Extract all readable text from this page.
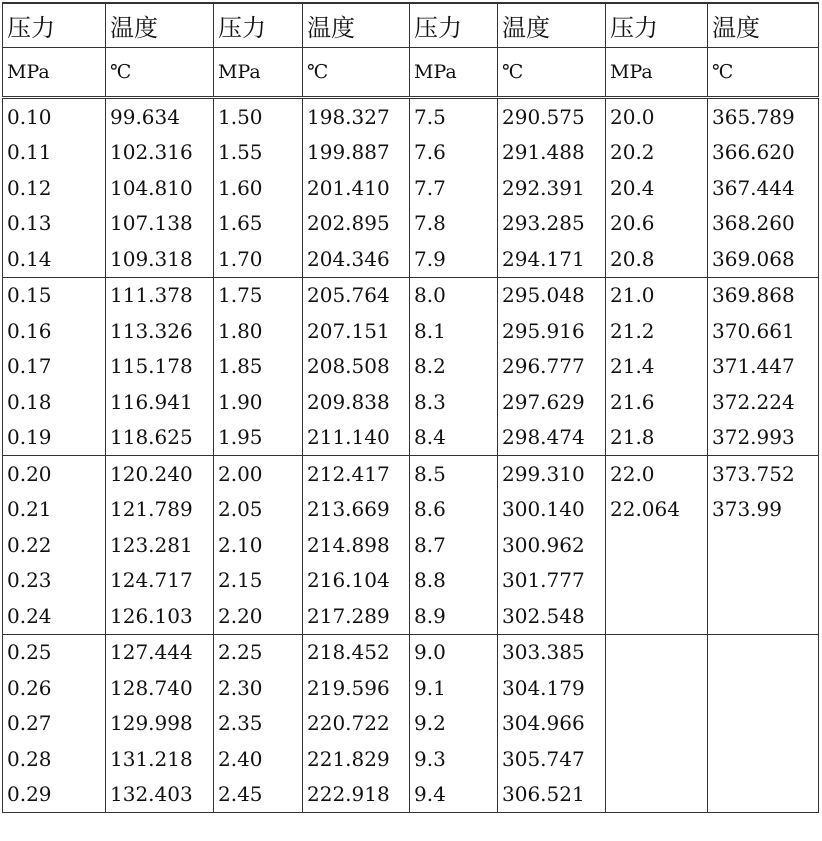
压力	温度	压力	温度	压力	温度	压力	温度
MPa	℃	MPa	℃	MPa	℃	MPa	℃
0.10	99.634	1.50	198.327	7.5	290.575	20.0	365.789
0.11	102.316	1.55	199.887	7.6	291.488	20.2	366.620
0.12	104.810	1.60	201.410	7.7	292.391	20.4	367.444
0.13	107.138	1.65	202.895	7.8	293.285	20.6	368.260
0.14	109.318	1.70	204.346	7.9	294.171	20.8	369.068
0.15	111.378	1.75	205.764	8.0	295.048	21.0	369.868
0.16	113.326	1.80	207.151	8.1	295.916	21.2	370.661
0.17	115.178	1.85	208.508	8.2	296.777	21.4	371.447
0.18	116.941	1.90	209.838	8.3	297.629	21.6	372.224
0.19	118.625	1.95	211.140	8.4	298.474	21.8	372.993
0.20	120.240	2.00	212.417	8.5	299.310	22.0	373.752
0.21	121.789	2.05	213.669	8.6	300.140	22.064	373.99
0.22	123.281	2.10	214.898	8.7	300.962		
0.23	124.717	2.15	216.104	8.8	301.777		
0.24	126.103	2.20	217.289	8.9	302.548		
0.25	127.444	2.25	218.452	9.0	303.385		
0.26	128.740	2.30	219.596	9.1	304.179		
0.27	129.998	2.35	220.722	9.2	304.966		
0.28	131.218	2.40	221.829	9.3	305.747		
0.29	132.403	2.45	222.918	9.4	306.521		
